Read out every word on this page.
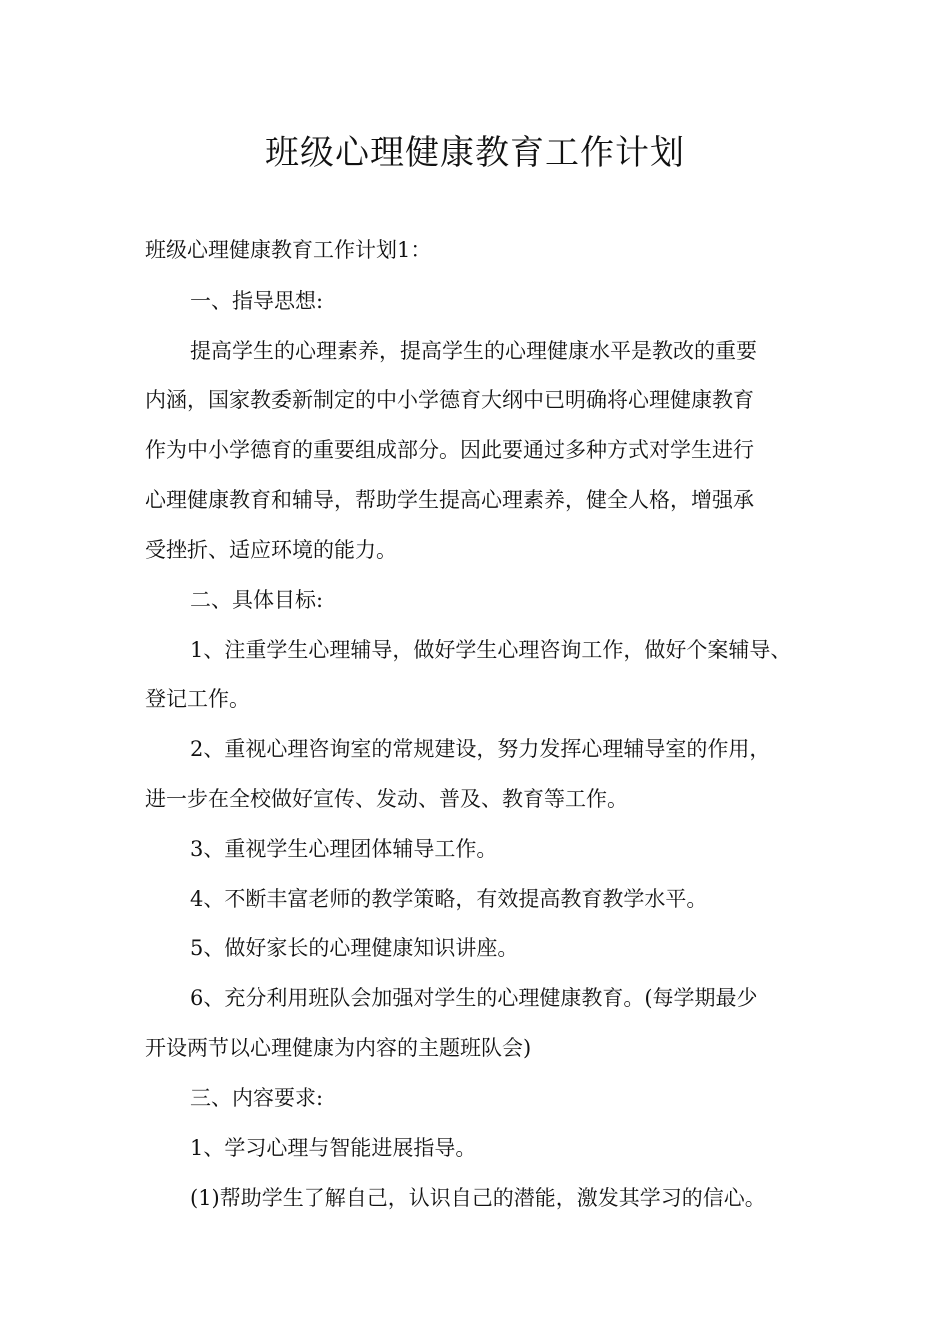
班级心理健康教育工作计划
班级心理健康教育工作计划1：
一、指导思想:
提高学生的心理素养，提高学生的心理健康水平是教改的重要
内涵，国家教委新制定的中小学德育大纲中已明确将心理健康教育
作为中小学德育的重要组成部分。因此要通过多种方式对学生进行
心理健康教育和辅导，帮助学生提高心理素养，健全人格，增强承
受挫折、适应环境的能力。
二、具体目标:
1、注重学生心理辅导，做好学生心理咨询工作，做好个案辅导、
登记工作。
2、重视心理咨询室的常规建设，努力发挥心理辅导室的作用，
进一步在全校做好宣传、发动、普及、教育等工作。
3、重视学生心理团体辅导工作。
4、不断丰富老师的教学策略，有效提高教育教学水平。
5、做好家长的心理健康知识讲座。
6、充分利用班队会加强对学生的心理健康教育。(每学期最少
开设两节以心理健康为内容的主题班队会)
三、内容要求:
1、学习心理与智能进展指导。
(1)帮助学生了解自己，认识自己的潜能，激发其学习的信心。
